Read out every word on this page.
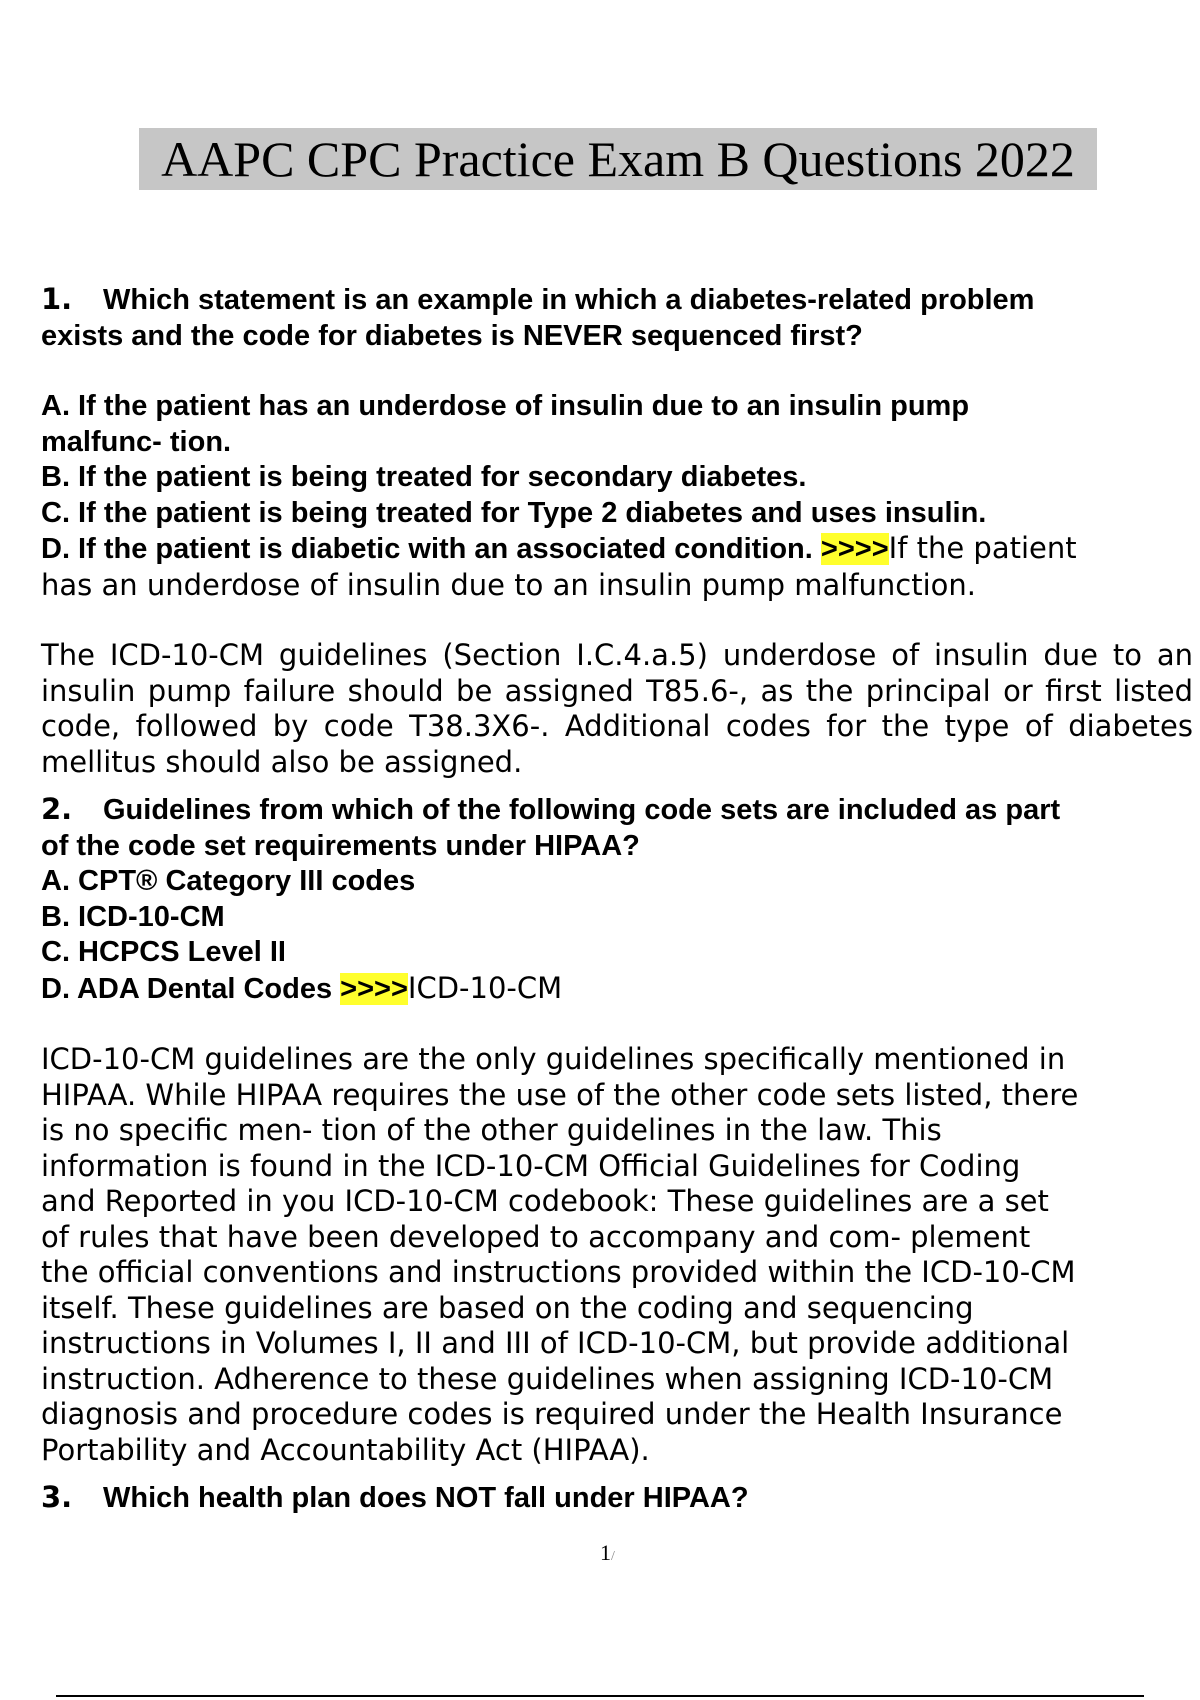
AAPC CPC Practice Exam B Questions 2022

1. Which statement is an example in which a diabetes-related problem

exists and the code for diabetes is NEVER sequenced first?

A. If the patient has an underdose of insulin due to an insulin pump

malfunc- tion.

B. If the patient is being treated for secondary diabetes.

C. If the patient is being treated for Type 2 diabetes and uses insulin.

D. If the patient is diabetic with an associated condition. >>>>If the patient

has an underdose of insulin due to an insulin pump malfunction.

The ICD-10-CM guidelines (Section I.C.4.a.5) underdose of insulin due to an insulin pump failure should be assigned T85.6-, as the principal or first listed code, followed by code T38.3X6-. Additional codes for the type of diabetes mellitus should also be assigned.

2. Guidelines from which of the following code sets are included as part

of the code set requirements under HIPAA?

A. CPT® Category III codes

B. ICD-10-CM

C. HCPCS Level II

D. ADA Dental Codes >>>>ICD-10-CM

ICD-10-CM guidelines are the only guidelines specifically mentioned in

HIPAA. While HIPAA requires the use of the other code sets listed, there

is no specific men- tion of the other guidelines in the law. This

information is found in the ICD-10-CM Official Guidelines for Coding

and Reported in you ICD-10-CM codebook: These guidelines are a set

of rules that have been developed to accompany and com- plement

the official conventions and instructions provided within the ICD-10-CM

itself. These guidelines are based on the coding and sequencing

instructions in Volumes I, II and III of ICD-10-CM, but provide additional

instruction. Adherence to these guidelines when assigning ICD-10-CM

diagnosis and procedure codes is required under the Health Insurance

Portability and Accountability Act (HIPAA).

3. Which health plan does NOT fall under HIPAA?

1/
